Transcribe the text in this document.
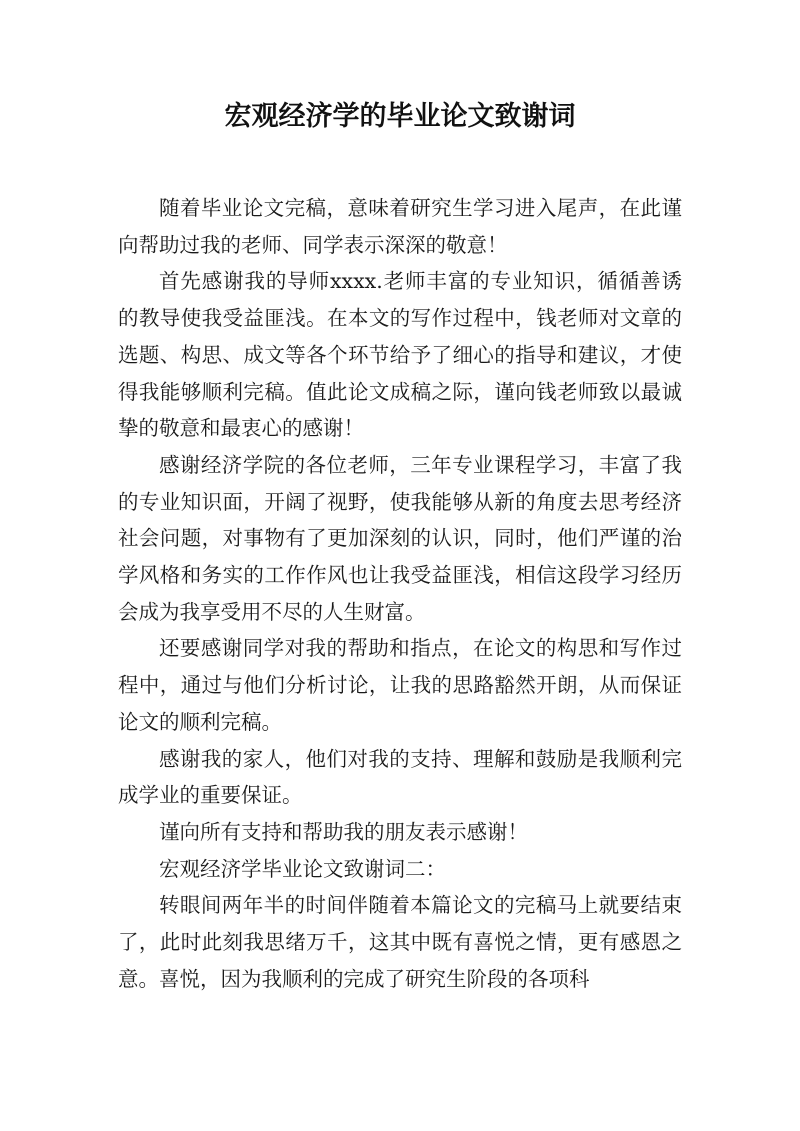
宏观经济学的毕业论文致谢词

随着毕业论文完稿，意味着研究生学习进入尾声，在此谨向帮助过我的老师、同学表示深深的敬意！

首先感谢我的导师xxxx.老师丰富的专业知识，循循善诱的教导使我受益匪浅。在本文的写作过程中，钱老师对文章的选题、构思、成文等各个环节给予了细心的指导和建议，才使得我能够顺利完稿。值此论文成稿之际，谨向钱老师致以最诚挚的敬意和最衷心的感谢！

感谢经济学院的各位老师，三年专业课程学习，丰富了我的专业知识面，开阔了视野，使我能够从新的角度去思考经济社会问题，对事物有了更加深刻的认识，同时，他们严谨的治学风格和务实的工作作风也让我受益匪浅，相信这段学习经历会成为我享受用不尽的人生财富。

还要感谢同学对我的帮助和指点，在论文的构思和写作过程中，通过与他们分析讨论，让我的思路豁然开朗，从而保证论文的顺利完稿。

感谢我的家人，他们对我的支持、理解和鼓励是我顺利完成学业的重要保证。

谨向所有支持和帮助我的朋友表示感谢！

宏观经济学毕业论文致谢词二：

转眼间两年半的时间伴随着本篇论文的完稿马上就要结束了，此时此刻我思绪万千，这其中既有喜悦之情，更有感恩之意。喜悦，因为我顺利的完成了研究生阶段的各项科
